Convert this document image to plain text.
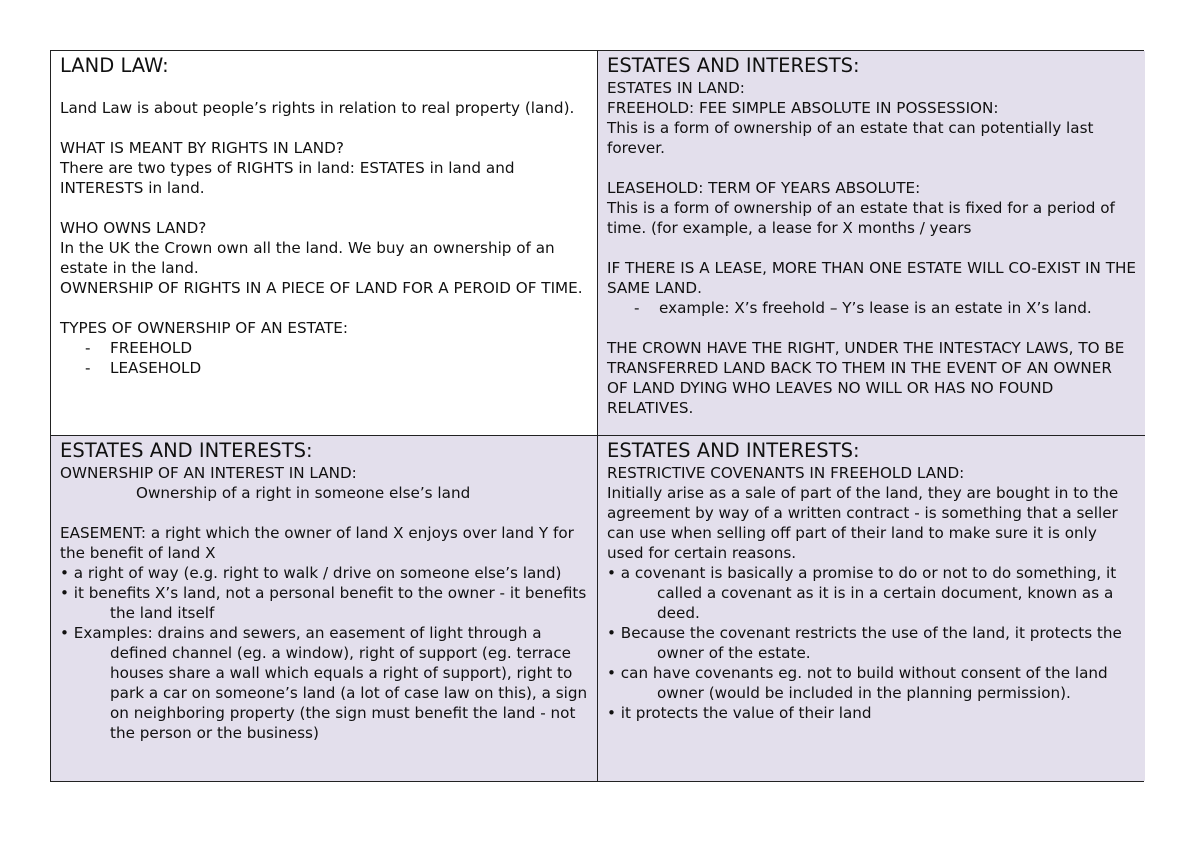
LAND LAW:

Land Law is about people’s rights in relation to real property (land).

WHAT IS MEANT BY RIGHTS IN LAND?

There are two types of RIGHTS in land: ESTATES in land and INTERESTS in land.

WHO OWNS LAND?

In the UK the Crown own all the land. We buy an ownership of an estate in the land.

OWNERSHIP OF RIGHTS IN A PIECE OF LAND FOR A PEROID OF TIME.

TYPES OF OWNERSHIP OF AN ESTATE:

- FREEHOLD
- LEASEHOLD

ESTATES AND INTERESTS:

ESTATES IN LAND:

FREEHOLD: FEE SIMPLE ABSOLUTE IN POSSESSION:

This is a form of ownership of an estate that can potentially last forever.

LEASEHOLD: TERM OF YEARS ABSOLUTE:

This is a form of ownership of an estate that is fixed for a period of time. (for example, a lease for X months / years

IF THERE IS A LEASE, MORE THAN ONE ESTATE WILL CO-EXIST IN THE SAME LAND.

- example: X’s freehold – Y’s lease is an estate in X’s land.

THE CROWN HAVE THE RIGHT, UNDER THE INTESTACY LAWS, TO BE TRANSFERRED LAND BACK TO THEM IN THE EVENT OF AN OWNER OF LAND DYING WHO LEAVES NO WILL OR HAS NO FOUND RELATIVES.

ESTATES AND INTERESTS:

OWNERSHIP OF AN INTEREST IN LAND:

Ownership of a right in someone else’s land

EASEMENT: a right which the owner of land X enjoys over land Y for the benefit of land X

• a right of way (e.g. right to walk / drive on someone else’s land)

• it benefits X’s land, not a personal benefit to the owner - it benefits the land itself

• Examples: drains and sewers, an easement of light through a defined channel (eg. a window), right of support (eg. terrace houses share a wall which equals a right of support), right to park a car on someone’s land (a lot of case law on this), a sign on neighboring property (the sign must benefit the land - not the person or the business)

ESTATES AND INTERESTS:

RESTRICTIVE COVENANTS IN FREEHOLD LAND:

Initially arise as a sale of part of the land, they are bought in to the agreement by way of a written contract - is something that a seller can use when selling off part of their land to make sure it is only used for certain reasons.

• a covenant is basically a promise to do or not to do something, it called a covenant as it is in a certain document, known as a deed.

• Because the covenant restricts the use of the land, it protects the owner of the estate.

• can have covenants eg. not to build without consent of the land owner (would be included in the planning permission).

• it protects the value of their land
